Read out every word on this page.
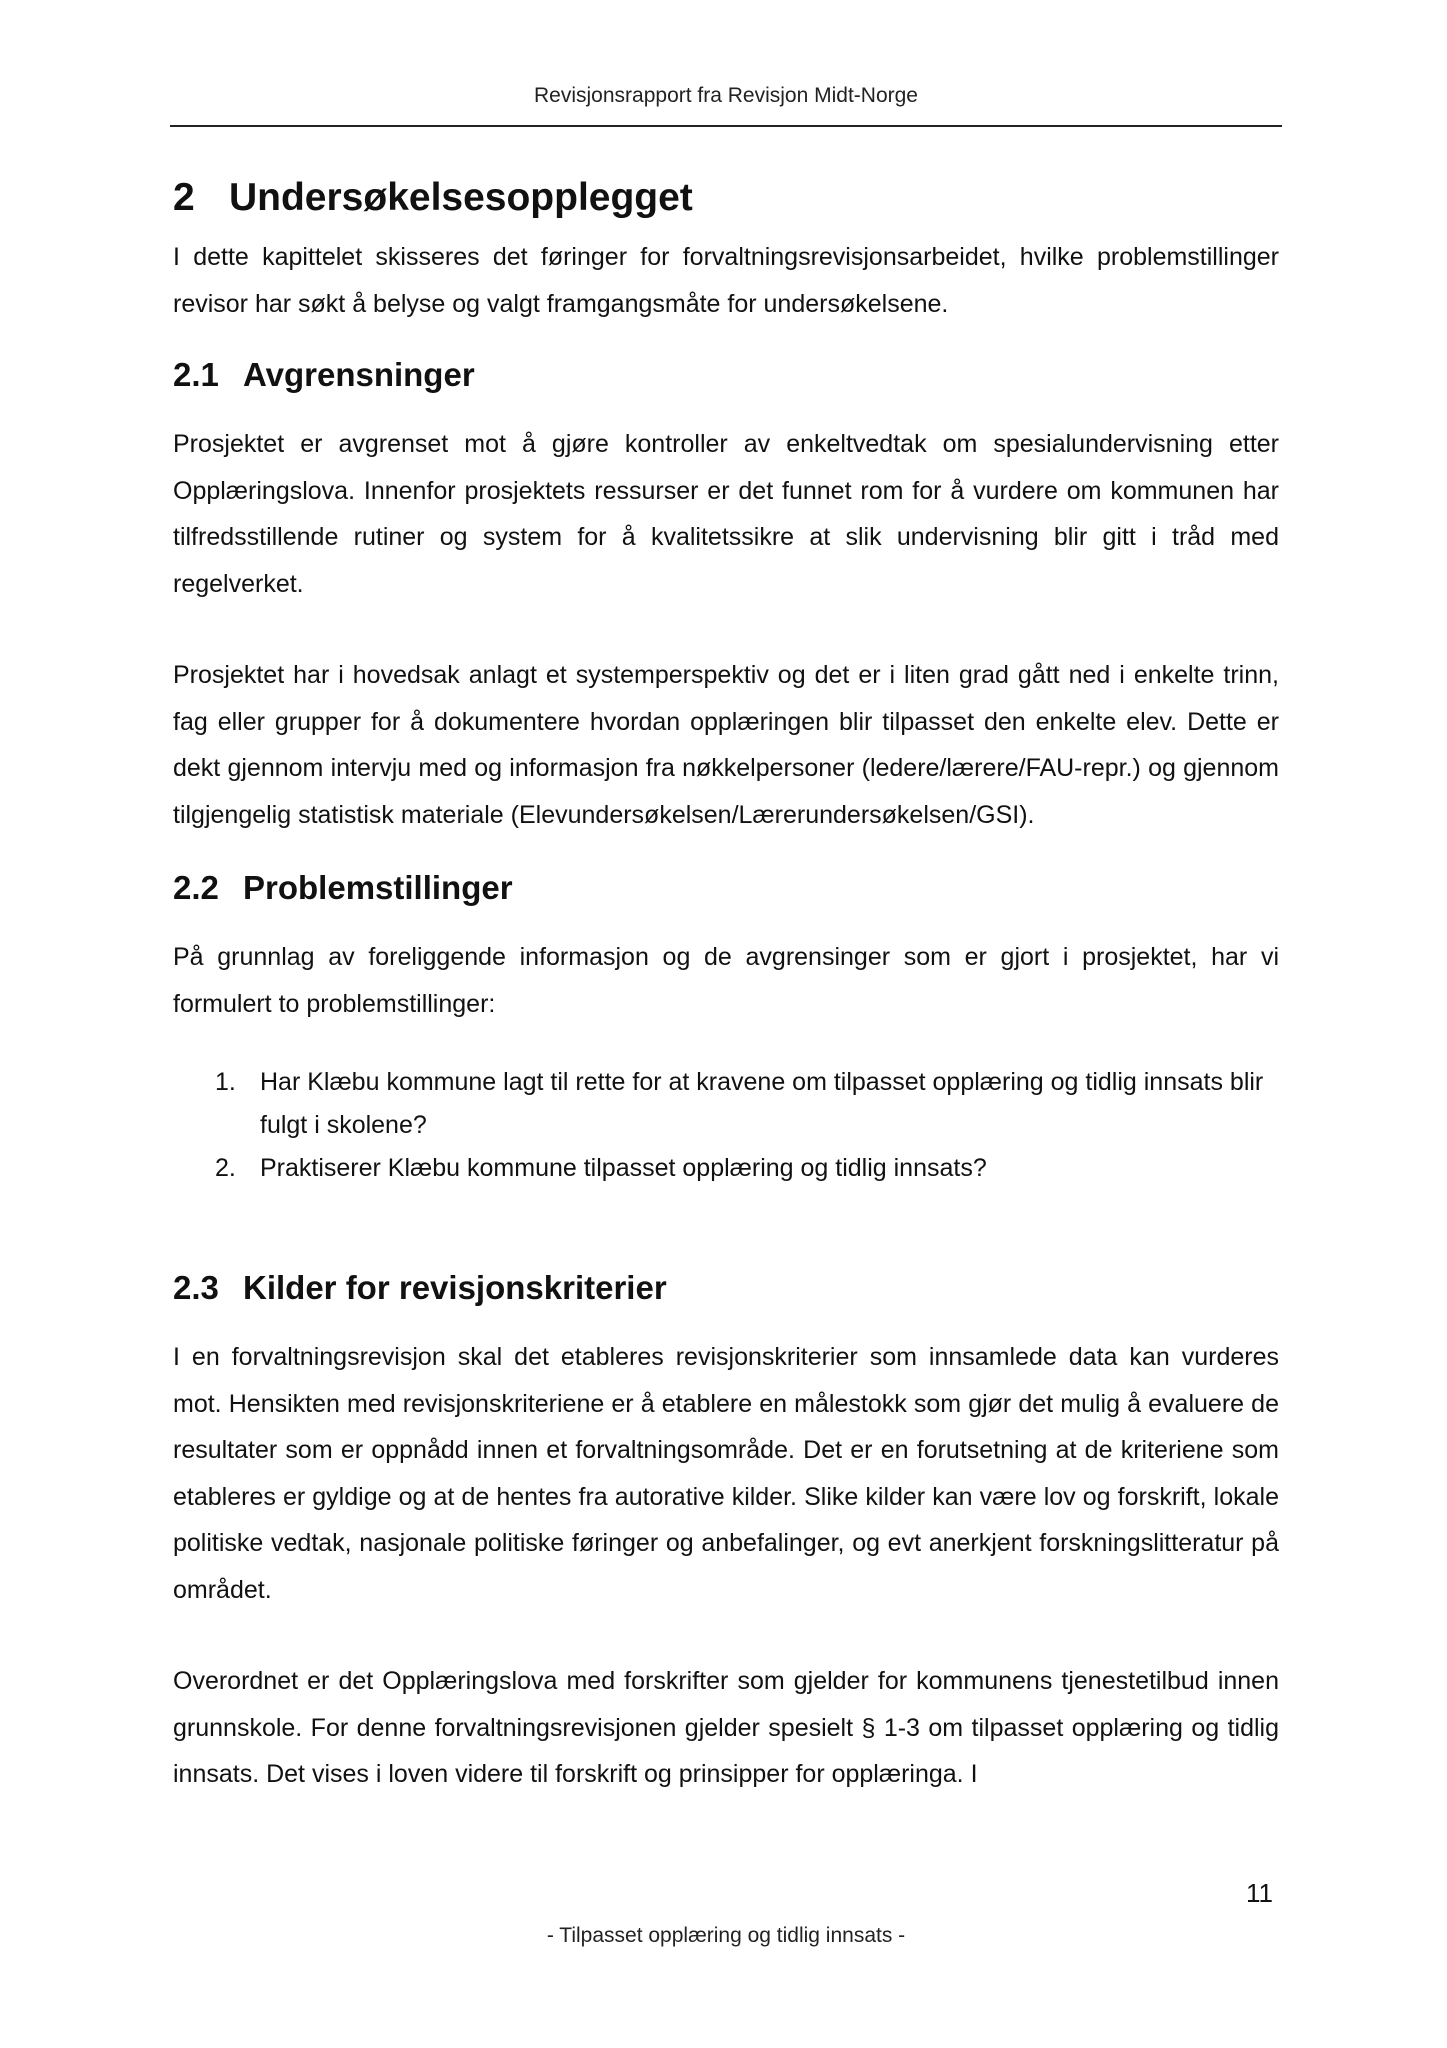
Revisjonsrapport fra Revisjon Midt-Norge
2 Undersøkelsesopplegget

I dette kapittelet skisseres det føringer for forvaltningsrevisjonsarbeidet, hvilke problemstillinger revisor har søkt å belyse og valgt framgangsmåte for undersøkelsene.

2.1 Avgrensninger

Prosjektet er avgrenset mot å gjøre kontroller av enkeltvedtak om spesialundervisning etter Opplæringslova. Innenfor prosjektets ressurser er det funnet rom for å vurdere om kommunen har tilfredsstillende rutiner og system for å kvalitetssikre at slik undervisning blir gitt i tråd med regelverket.

Prosjektet har i hovedsak anlagt et systemperspektiv og det er i liten grad gått ned i enkelte trinn, fag eller grupper for å dokumentere hvordan opplæringen blir tilpasset den enkelte elev. Dette er dekt gjennom intervju med og informasjon fra nøkkelpersoner (ledere/lærere/FAU-repr.) og gjennom tilgjengelig statistisk materiale (Elevundersøkelsen/Lærerundersøkelsen/GSI).

2.2 Problemstillinger

På grunnlag av foreliggende informasjon og de avgrensinger som er gjort i prosjektet, har vi formulert to problemstillinger:

1. Har Klæbu kommune lagt til rette for at kravene om tilpasset opplæring og tidlig innsats blir fulgt i skolene?
2. Praktiserer Klæbu kommune tilpasset opplæring og tidlig innsats?
2.3 Kilder for revisjonskriterier

I en forvaltningsrevisjon skal det etableres revisjonskriterier som innsamlede data kan vurderes mot. Hensikten med revisjonskriteriene er å etablere en målestokk som gjør det mulig å evaluere de resultater som er oppnådd innen et forvaltningsområde. Det er en forutsetning at de kriteriene som etableres er gyldige og at de hentes fra autorative kilder. Slike kilder kan være lov og forskrift, lokale politiske vedtak, nasjonale politiske føringer og anbefalinger, og evt anerkjent forskningslitteratur på området.

Overordnet er det Opplæringslova med forskrifter som gjelder for kommunens tjenestetilbud innen grunnskole. For denne forvaltningsrevisjonen gjelder spesielt § 1-3 om tilpasset opplæring og tidlig innsats. Det vises i loven videre til forskrift og prinsipper for opplæringa. I

11
- Tilpasset opplæring og tidlig innsats -
